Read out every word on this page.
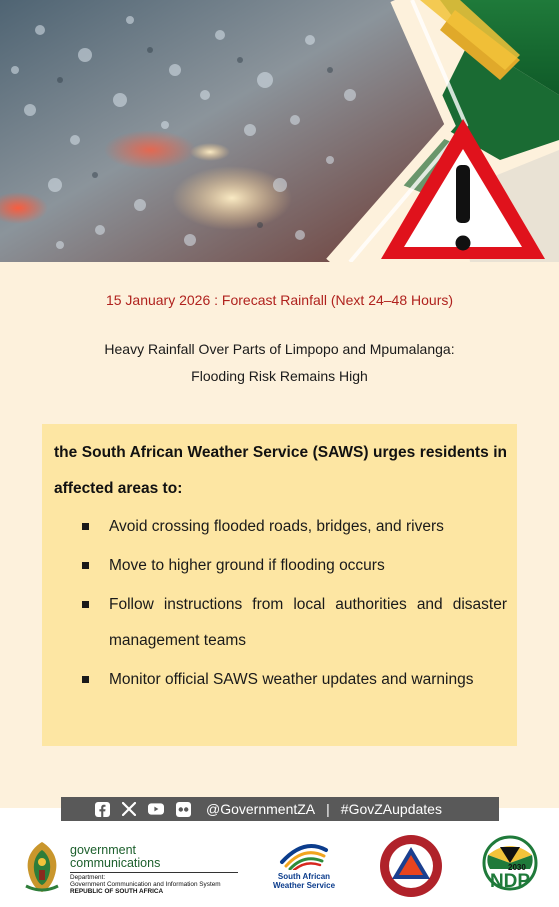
15 January 2026 : Forecast Rainfall (Next 24–48 Hours)
Heavy Rainfall Over Parts of Limpopo and Mpumalanga:
Flooding Risk Remains High

the South African Weather Service (SAWS) urges residents in affected areas to:

Avoid crossing flooded roads, bridges, and rivers
Move to higher ground if flooding occurs
Follow instructions from local authorities and disaster management teams
Monitor official SAWS weather updates and warnings
@GovernmentZA | #GovZAupdates
government
communications
Department:
Government Communication and Information System
REPUBLIC OF SOUTH AFRICA
South African
Weather Service
2030
NDP
